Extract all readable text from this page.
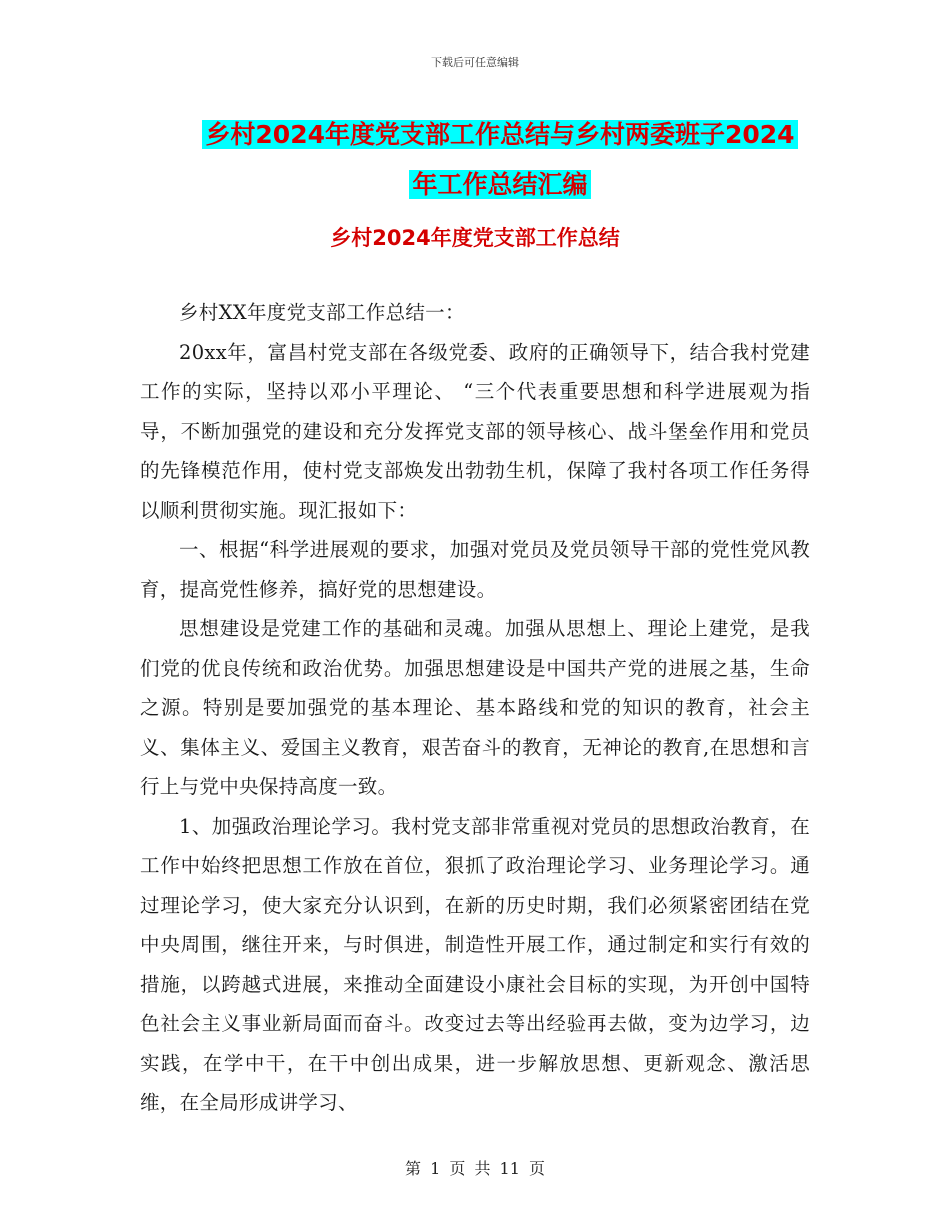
下载后可任意编辑
乡村2024年度党支部工作总结与乡村两委班子2024
年工作总结汇编
乡村2024年度党支部工作总结

乡村XX年度党支部工作总结一：

20xx年，富昌村党支部在各级党委、政府的正确领导下，结合我村党建工作的实际，坚持以邓小平理论、 “三个代表重要思想和科学进展观为指导，不断加强党的建设和充分发挥党支部的领导核心、战斗堡垒作用和党员的先锋模范作用，使村党支部焕发出勃勃生机，保障了我村各项工作任务得以顺利贯彻实施。现汇报如下：

一、根据“科学进展观的要求，加强对党员及党员领导干部的党性党风教育，提高党性修养，搞好党的思想建设。

思想建设是党建工作的基础和灵魂。加强从思想上、理论上建党，是我们党的优良传统和政治优势。加强思想建设是中国共产党的进展之基，生命之源。特别是要加强党的基本理论、基本路线和党的知识的教育，社会主义、集体主义、爱国主义教育，艰苦奋斗的教育，无神论的教育,在思想和言行上与党中央保持高度一致。

1、加强政治理论学习。我村党支部非常重视对党员的思想政治教育，在工作中始终把思想工作放在首位，狠抓了政治理论学习、业务理论学习。通过理论学习，使大家充分认识到，在新的历史时期，我们必须紧密团结在党中央周围，继往开来，与时俱进，制造性开展工作，通过制定和实行有效的措施，以跨越式进展，来推动全面建设小康社会目标的实现，为开创中国特色社会主义事业新局面而奋斗。改变过去等出经验再去做，变为边学习，边实践，在学中干，在干中创出成果，进一步解放思想、更新观念、激活思维，在全局形成讲学习、

第 1 页 共 11 页
